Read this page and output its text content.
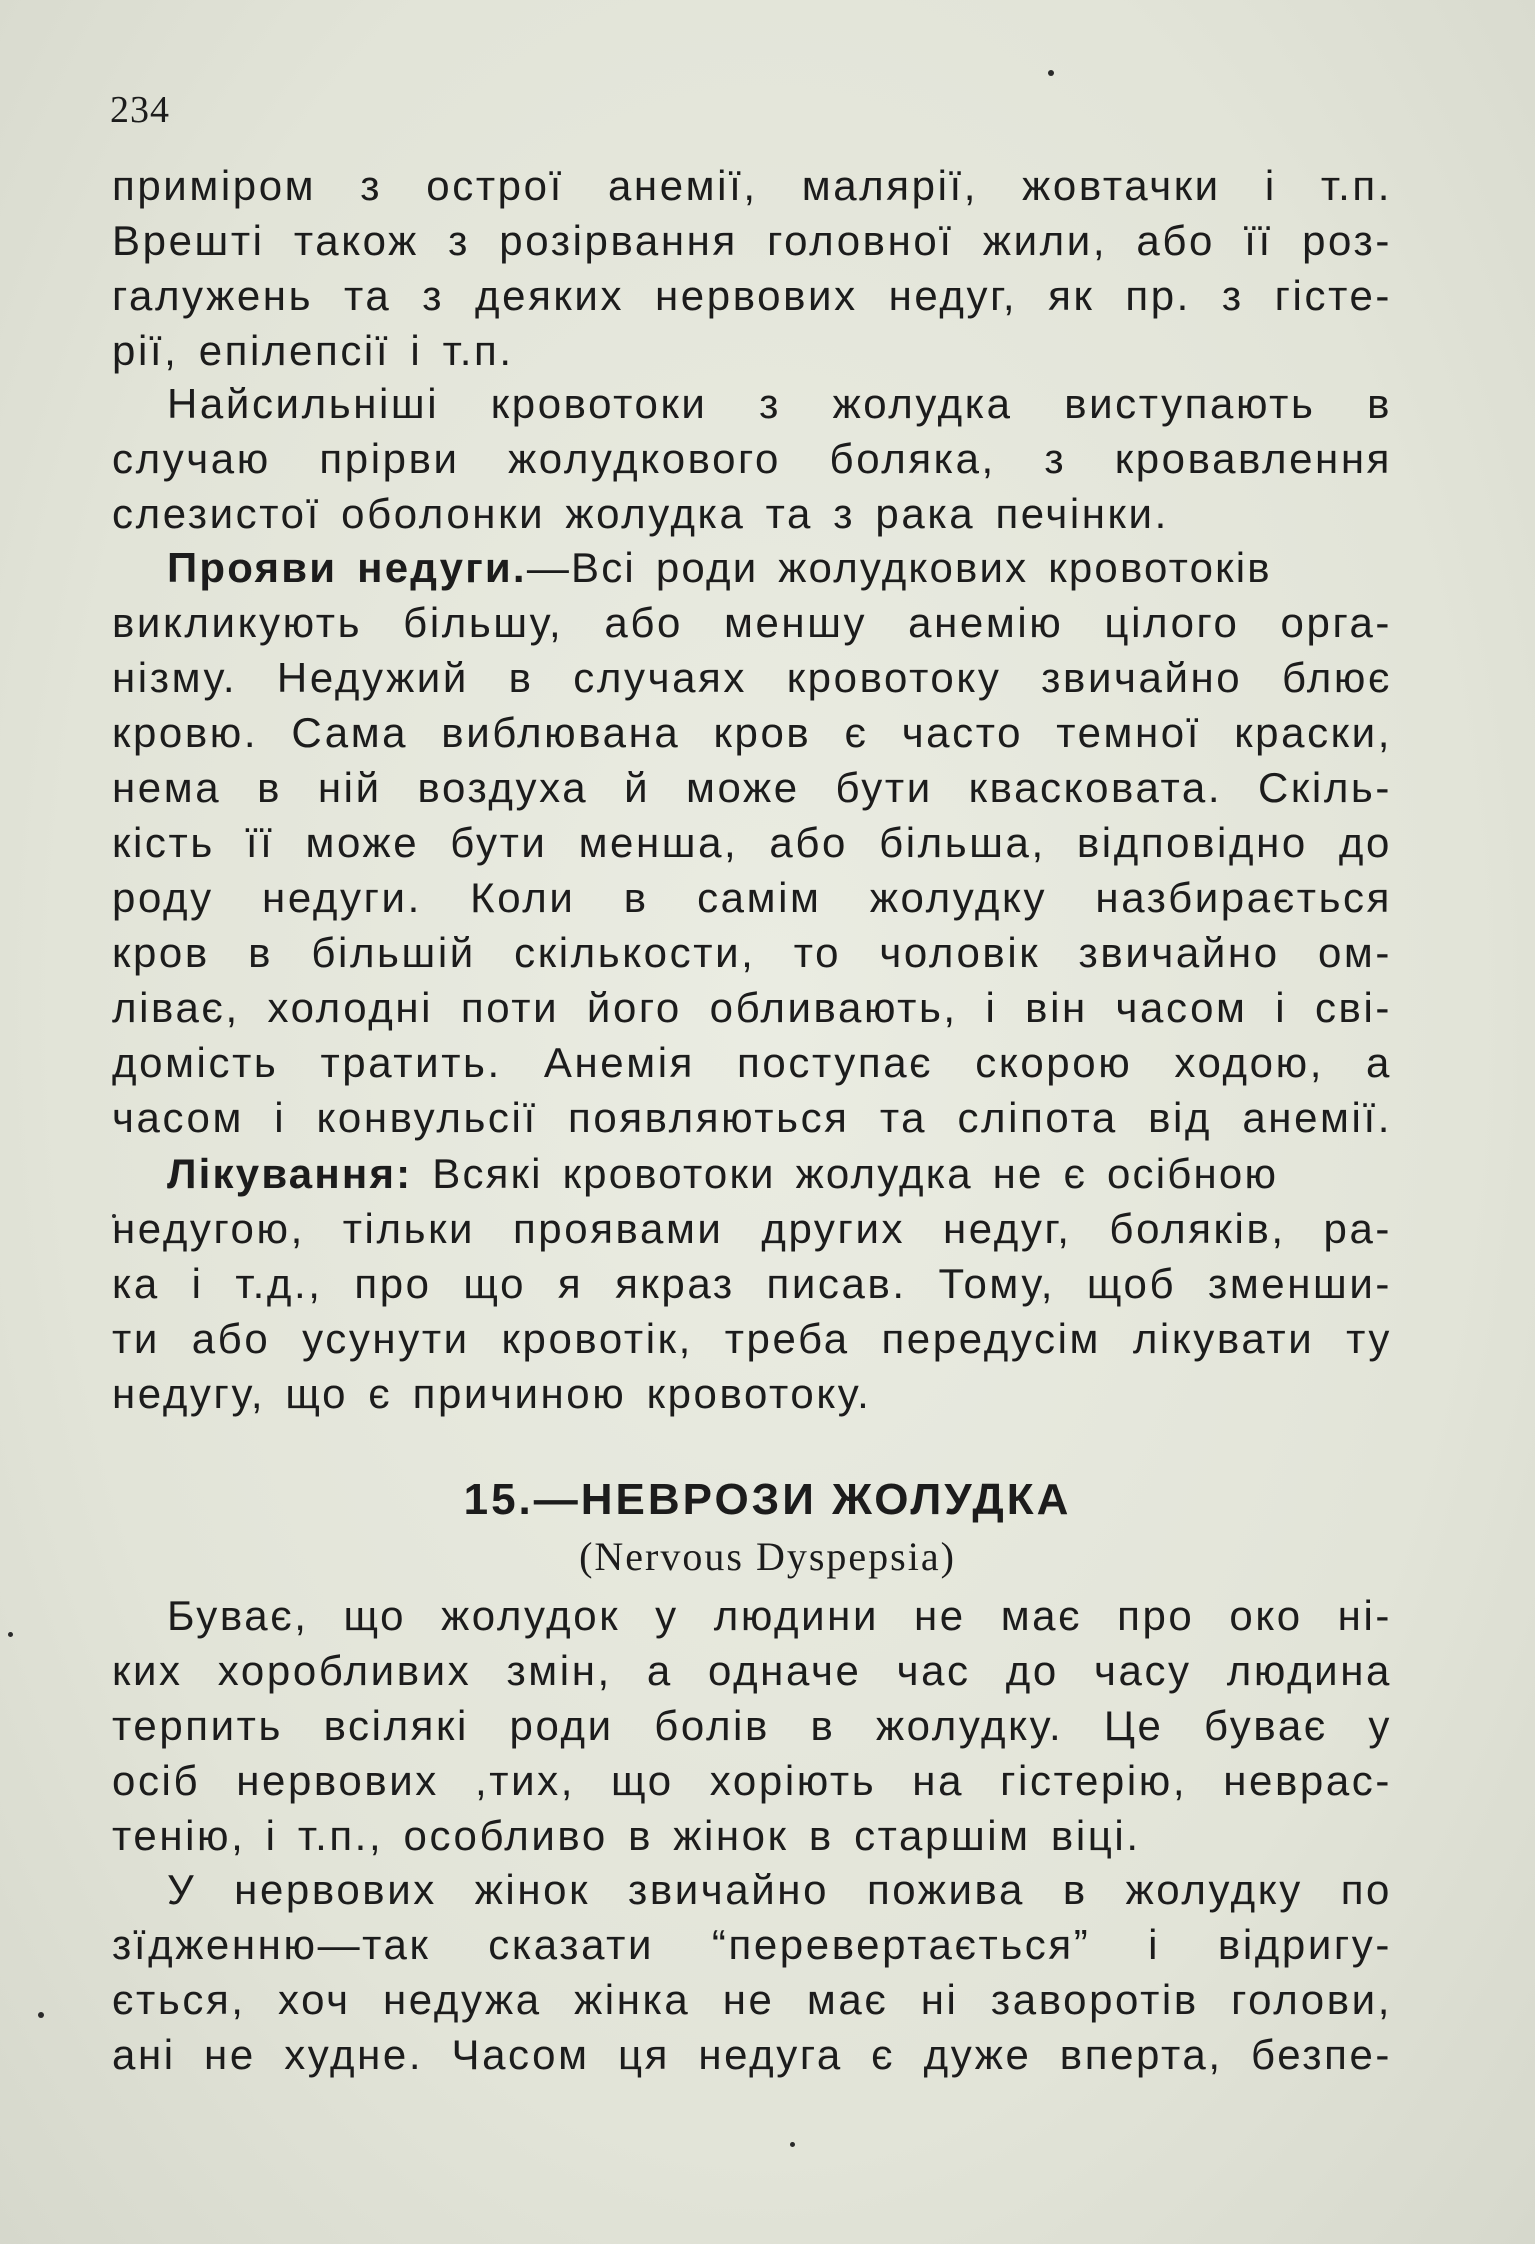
234
приміром з острої анемії, малярії, жовтачки і т.п.
Врешті також з розірвання головної жили, або її роз-
галужень та з деяких нервових недуг, як пр. з гісте-
рії, епілепсії і т.п.
Найсильніші кровотоки з жолудка виступають в
случаю прірви жолудкового боляка, з кровавлення
слезистої оболонки жолудка та з рака печінки.
Прояви недуги.—Всі роди жолудкових кровотоків
викликують більшу, або меншу анемію цілого орга-
нізму. Недужий в случаях кровотоку звичайно блює
кровю. Сама виблювана кров є часто темної краски,
нема в ній воздуха й може бути квасковата. Скіль-
кість її може бути менша, або більша, відповідно до
роду недуги. Коли в самім жолудку назбирається
кров в більшій скількости, то чоловік звичайно ом-
ліває, холодні поти його обливають, і він часом і сві-
домість тратить. Анемія поступає скорою ходою, а
часом і конвульсії появляються та сліпота від анемії.
Лікування: Всякі кровотоки жолудка не є осібною
недугою, тільки проявами других недуг, боляків, ра-
ка і т.д., про що я якраз писав. Тому, щоб зменши-
ти або усунути кровотік, треба передусім лікувати ту
недугу, що є причиною кровотоку.
15.—НЕВРОЗИ ЖОЛУДКА
(Nervous Dyspepsia)
Буває, що жолудок у людини не має про око ні-
ких хоробливих змін, а одначе час до часу людина
терпить всілякі роди болів в жолудку. Це буває у
осіб нервових ,тих, що хоріють на гістерію, неврас-
тенію, і т.п., особливо в жінок в старшім віці.
У нервових жінок звичайно пожива в жолудку по
зїдженню—так сказати “перевертається” і відригу-
ється, хоч недужа жінка не має ні заворотів голови,
ані не худне. Часом ця недуга є дуже вперта, безпе-
